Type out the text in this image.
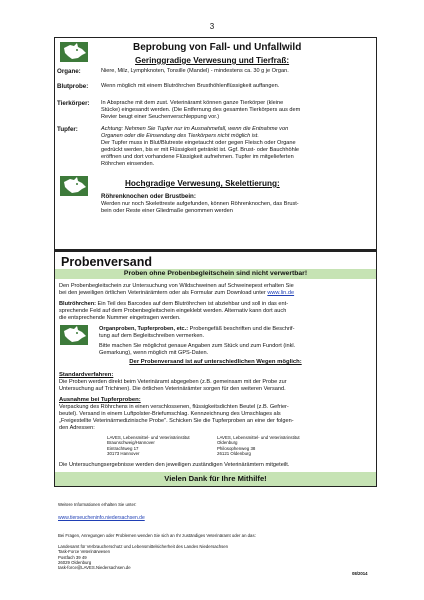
3
Beprobung von Fall- und Unfallwild
Geringgradige Verwesung und Tierfraß:
Organe:	Niere, Milz, Lymphknoten, Tonsille (Mandel) - mindestens ca. 30 g je Organ.
Blutprobe: Wenn möglich mit einem Blutröhrchen Brusthöhlenflüssigkeit auffangen.
Tierkörper: In Absprache mit dem zust. Veterinäramt können ganze Tierkörper (kleine
Stücke) eingesandt werden. (Die Entfernung des gesamten Tierkörpers aus dem
Revier beugt einer Seuchenverschleppung vor.)
Tupfer:	Achtung: Nehmen Sie Tupfer nur im Ausnahmefall, wenn die Entnahme von
Organen oder die Einsendung des Tierkörpers nicht möglich ist.
Der Tupfer muss in Blut/Blutreste eingetaucht oder gegen Fleisch oder Organe
gedrückt werden, bis er mit Flüssigkeit getränkt ist. Ggf. Brust- oder Bauchhöhle
eröffnen und dort vorhandene Flüssigkeit aufnehmen. Tupfer im mitgelieferten
Röhrchen einsenden.
Hochgradige Verwesung, Skelettierung:
Röhrenknochen oder Brustbein:
Werden nur noch Skelettreste aufgefunden, können Röhrenknochen, das Brust-
bein oder Reste einer Gliedmaße genommen werden
Probenversand
Proben ohne Probenbegleitschein sind nicht verwertbar!
Den Probenbegleitschein zur Untersuchung von Wildschweinen auf Schweinepest erhalten Sie
bei den jeweiligen örtlichen Veterinärämtern oder als Formular zum Download unter www.lin.de
Blutröhrchen: Ein Teil des Barcodes auf dem Blutröhrchen ist abziehbar und soll in das ent-
sprechende Feld auf dem Probenbegleitschein eingeklebt werden. Alternativ kann dort auch
die entsprechende Nummer eingetragen werden.
Organproben, Tupferproben, etc.: Probengefäß beschriften und die Beschrif-
tung auf dem Begleitschreiben vermerken.
Bitte machen Sie möglichst genaue Angaben zum Stück und zum Fundort (inkl.
Gemarkung), wenn möglich mit GPS-Daten.
Der Probenversand ist auf unterschiedlichen Wegen möglich:
Standardverfahren:
Die Proben werden direkt beim Veterinäramt abgegeben (z.B. gemeinsam mit der Probe zur
Untersuchung auf Trichinen). Die örtlichen Veterinärämter sorgen für den weiteren Versand.
Ausnahme bei Tupferproben:
Verpackung des Röhrchens in einen verschlossenen, flüssigkeitsdichten Beutel (z.B. Gefrier-
beutel). Versand in einem Luftpolster-Briefumschlag. Kennzeichnung des Umschlages als
„Freigestellte Veterinärmedizinische Probe". Schicken Sie die Tupferproben an eine der folgen-
den Adressen:
LAVES, Lebensmittel- und Veterinärinstitut
Braunschweig/Hannover
Eintrachtweg 17
30173 Hannover
LAVES, Lebensmittel- und Veterinärinstitut
Oldenburg
Philosophenweg 38
26121 Oldenburg
Die Untersuchungsergebnisse werden den jeweiligen zuständigen Veterinärämtern mitgeteilt.
Vielen Dank für Ihre Mithilfe!
Weitere Informationen erhalten Sie unter:
www.tierseucheninfo.niedersachsen.de
Bei Fragen, Anregungen oder Problemen wenden Sie sich an Ihr zuständiges Veterinäramt oder an das:
Landesamt für Verbraucherschutz und Lebensmittelsicherheit des Landes Niedersachsen
Task-Force Veterinärwesen
Postfach 39 49
26029 Oldenburg
task-force@LAVES.Niedersachsen.de
08/2014
